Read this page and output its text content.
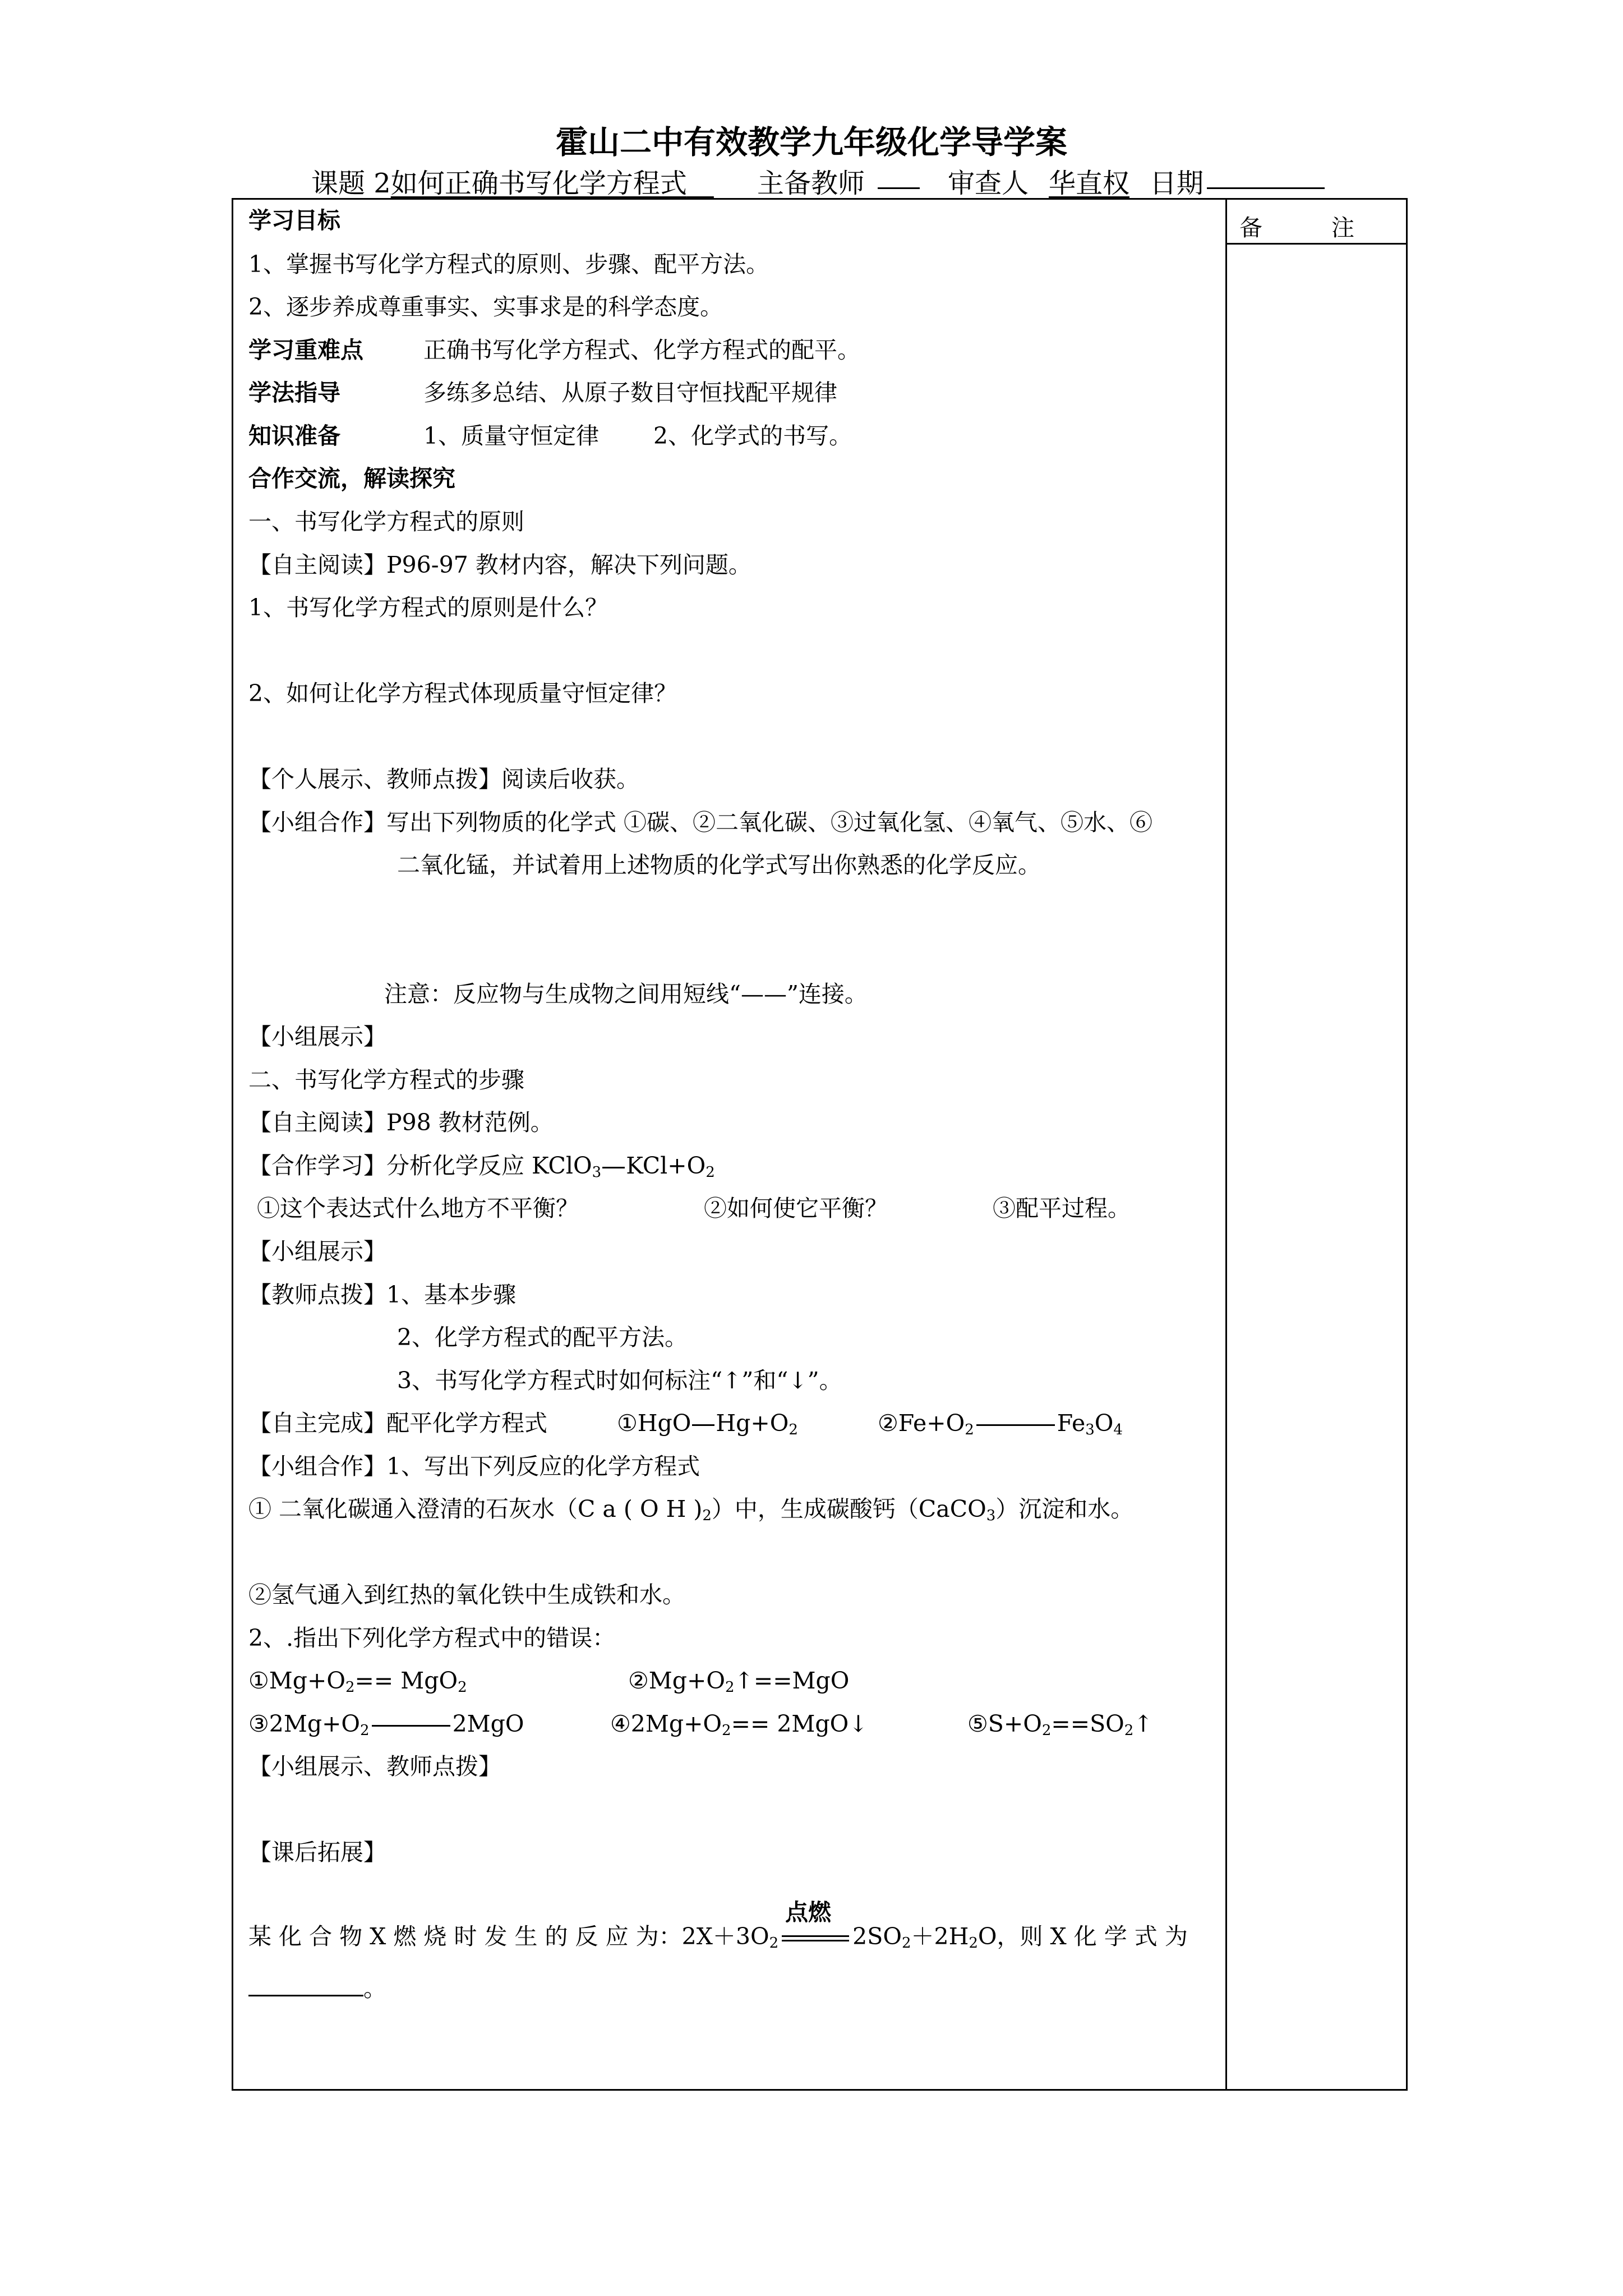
霍山二中有效教学九年级化学导学案
课题 2如何正确书写化学方程式　	主备教师	审查人 华直权 日期
备　　　注
学习目标
1、掌握书写化学方程式的原则、步骤、配平方法。
2、逐步养成尊重事实、实事求是的科学态度。
学习重难点	正确书写化学方程式、化学方程式的配平。
学法指导	多练多总结、从原子数目守恒找配平规律
知识准备	1、质量守恒定律 2、化学式的书写。
合作交流，解读探究
一、书写化学方程式的原则
【自主阅读】P96-97 教材内容，解决下列问题。
1、书写化学方程式的原则是什么？
2、如何让化学方程式体现质量守恒定律？
【个人展示、教师点拨】阅读后收获。
【小组合作】写出下列物质的化学式 ①碳、②二氧化碳、③过氧化氢、④氧气、⑤水、⑥
二氧化锰，并试着用上述物质的化学式写出你熟悉的化学反应。
注意：反应物与生成物之间用短线“——”连接。
【小组展示】
二、书写化学方程式的步骤
【自主阅读】P98 教材范例。
【合作学习】分析化学反应 KClO$_3$ $KCl+O_2$
①这个表达式什么地方不平衡？	②如何使它平衡？	③配平过程。
【小组展示】
【教师点拨】1、基本步骤
2、化学方程式的配平方法。
3、书写化学方程式时如何标注“↑”和“↓”。
【自主完成】配平化学方程式	①HgO $Hg+O_2$	$②Fe+O_2$	$Fe_3O_4$
【小组合作】1、写出下列反应的化学方程式
① 二氧化碳通入澄清的石灰水（C a ( O H )$_2$）中，生成碳酸钙（CaCO$_3$）沉淀和水。
②氢气通入到红热的氧化铁中生成铁和水。
2、.指出下列化学方程式中的错误：
$①Mg+O_2== MgO_2$	$②Mg+O_2↑==MgO$
$③2Mg+O_2$	2MgO	$④2Mg+O_2==$ 2MgO↓	$⑤S+O_2==SO_2↑$
【小组展示、教师点拨】
【课后拓展】
点燃
某 化 合 物 X 燃 烧 时 发 生 的 反 应 为：$2X+3O_2$	$2SO_2+2H_2O$，则 X 化 学 式 为
。
